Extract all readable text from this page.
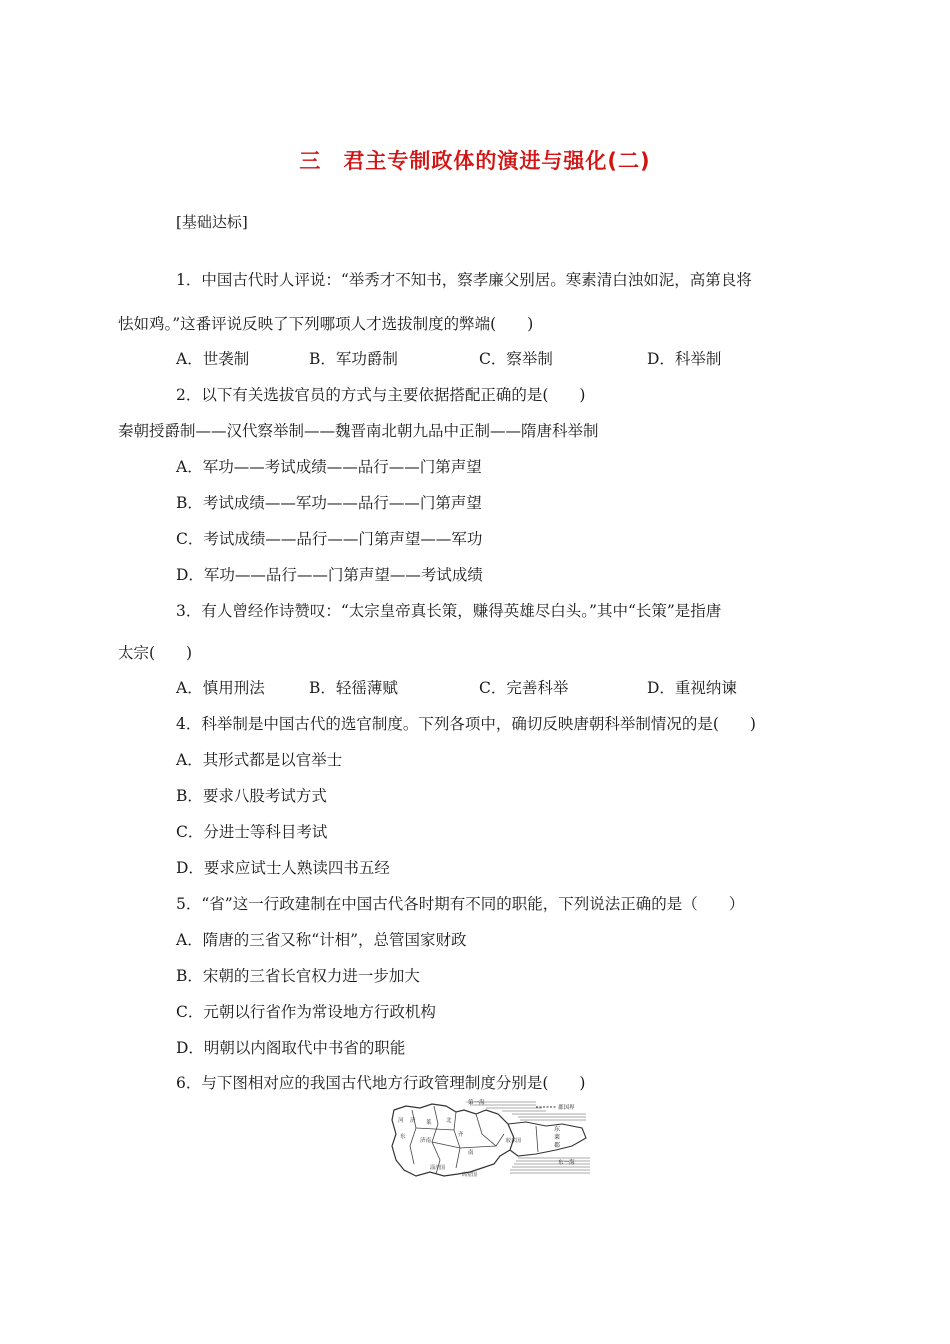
三　君主专制政体的演进与强化(二)
[基础达标]
1．中国古代时人评说：“举秀才不知书，察孝廉父别居。寒素清白浊如泥，高第良将
怯如鸡。”这番评说反映了下列哪项人才选拔制度的弊端(　　)
A．世袭制	B．军功爵制	C．察举制	D．科举制
2．以下有关选拔官员的方式与主要依据搭配正确的是(　　)
秦朝授爵制——汉代察举制——魏晋南北朝九品中正制——隋唐科举制
A．军功——考试成绩——品行——门第声望
B．考试成绩——军功——品行——门第声望
C．考试成绩——品行——门第声望——军功
D．军功——品行——门第声望——考试成绩
3．有人曾经作诗赞叹：“太宗皇帝真长策，赚得英雄尽白头。”其中“长策”是指唐
太宗(　　)
A．慎用刑法	B．轻徭薄赋	C．完善科举	D．重视纳谏
4．科举制是中国古代的选官制度。下列各项中，确切反映唐朝科举制情况的是(　　)
A．其形式都是以官举士
B．要求八股考试方式
C．分进士等科目考试
D．要求应试士人熟读四书五经
5．“省”这一行政建制在中国古代各时期有不同的职能，下列说法正确的是（　　）
A．隋唐的三省又称“计相”，总管国家财政
B．宋朝的三省长官权力进一步加大
C．元朝以行省作为常设地方行政机构
D．明朝以内阁取代中书省的职能
6．与下图相对应的我国古代地方行政管理制度分别是(　　)
第一海
郡国界
东
莱
郡
胶东国
东一海
淄川国
高密国
济南
莱
济	北
齐
南
东
河
